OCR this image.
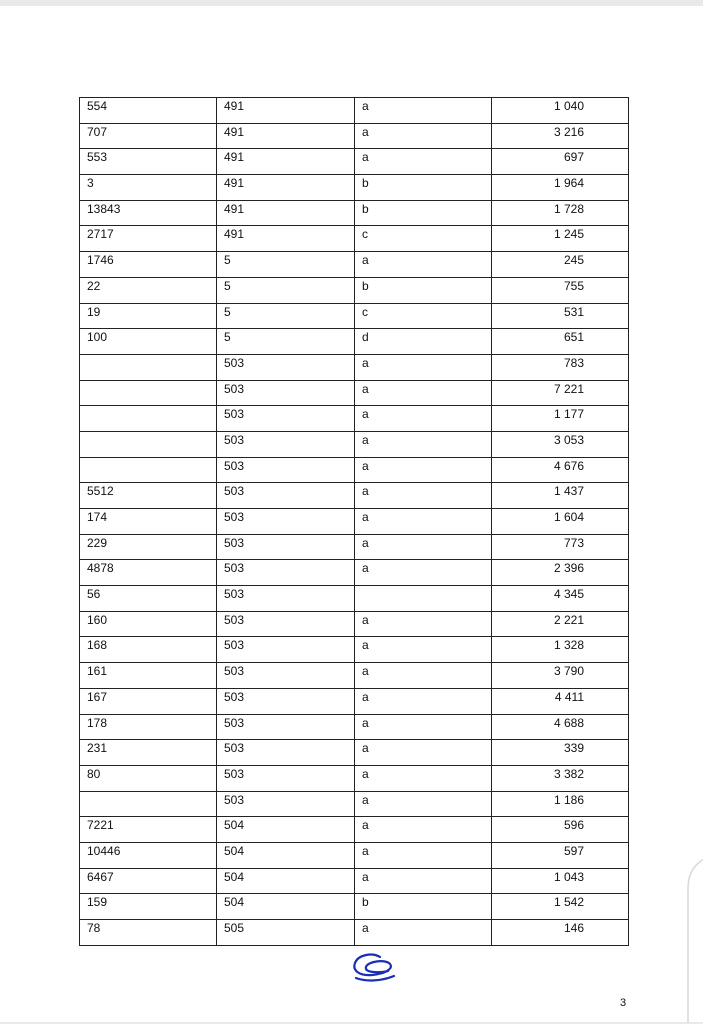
554	491	a	1 040
707	491	a	3 216
553	491	a	697
3	491	b	1 964
13843	491	b	1 728
2717	491	c	1 245
1746	5	a	245
22	5	b	755
19	5	c	531
100	5	d	651
	503	a	783
	503	a	7 221
	503	a	1 177
	503	a	3 053
	503	a	4 676
5512	503	a	1 437
174	503	a	1 604
229	503	a	773
4878	503	a	2 396
56	503		4 345
160	503	a	2 221
168	503	a	1 328
161	503	a	3 790
167	503	a	4 411
178	503	a	4 688
231	503	a	339
80	503	a	3 382
	503	a	1 186
7221	504	a	596
10446	504	a	597
6467	504	a	1 043
159	504	b	1 542
78	505	a	146
3
